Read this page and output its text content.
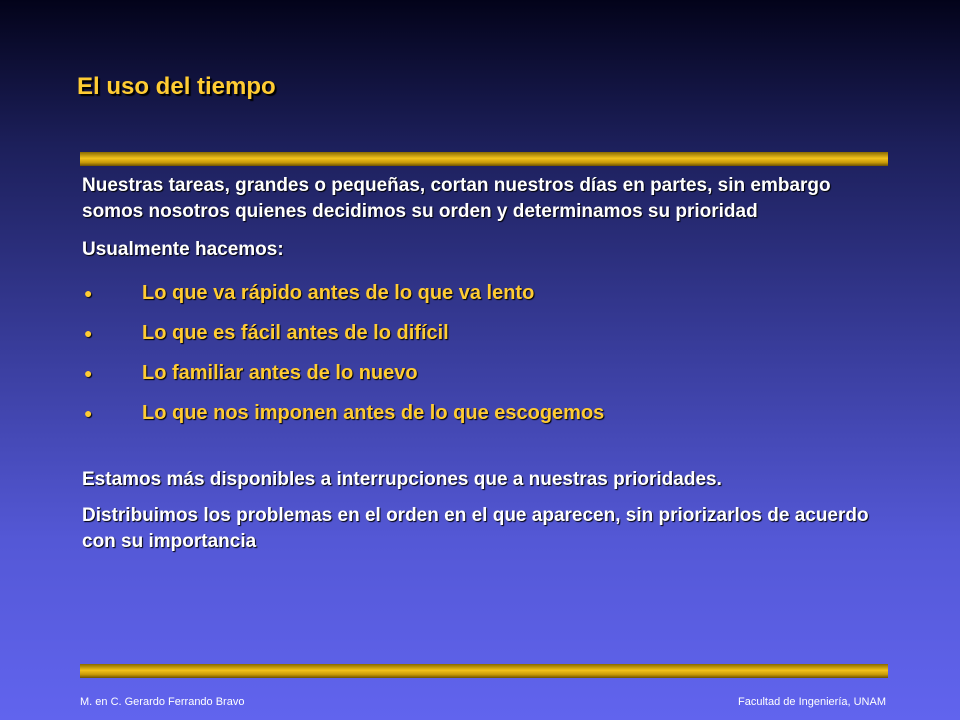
El uso del tiempo

Nuestras tareas, grandes o pequeñas, cortan nuestros días en partes, sin embargo somos nosotros quienes decidimos su orden y determinamos su prioridad

Usualmente hacemos:
● Lo que va rápido antes de lo que va lento
● Lo que es fácil antes de lo difícil
● Lo familiar antes de lo nuevo
● Lo que nos imponen antes de lo que escogemos
Estamos más disponibles a interrupciones que a nuestras prioridades.
Distribuimos los problemas en el orden en el que aparecen, sin priorizarlos de acuerdo con su importancia
M. en C. Gerardo Ferrando Bravo	Facultad de Ingeniería, UNAM
